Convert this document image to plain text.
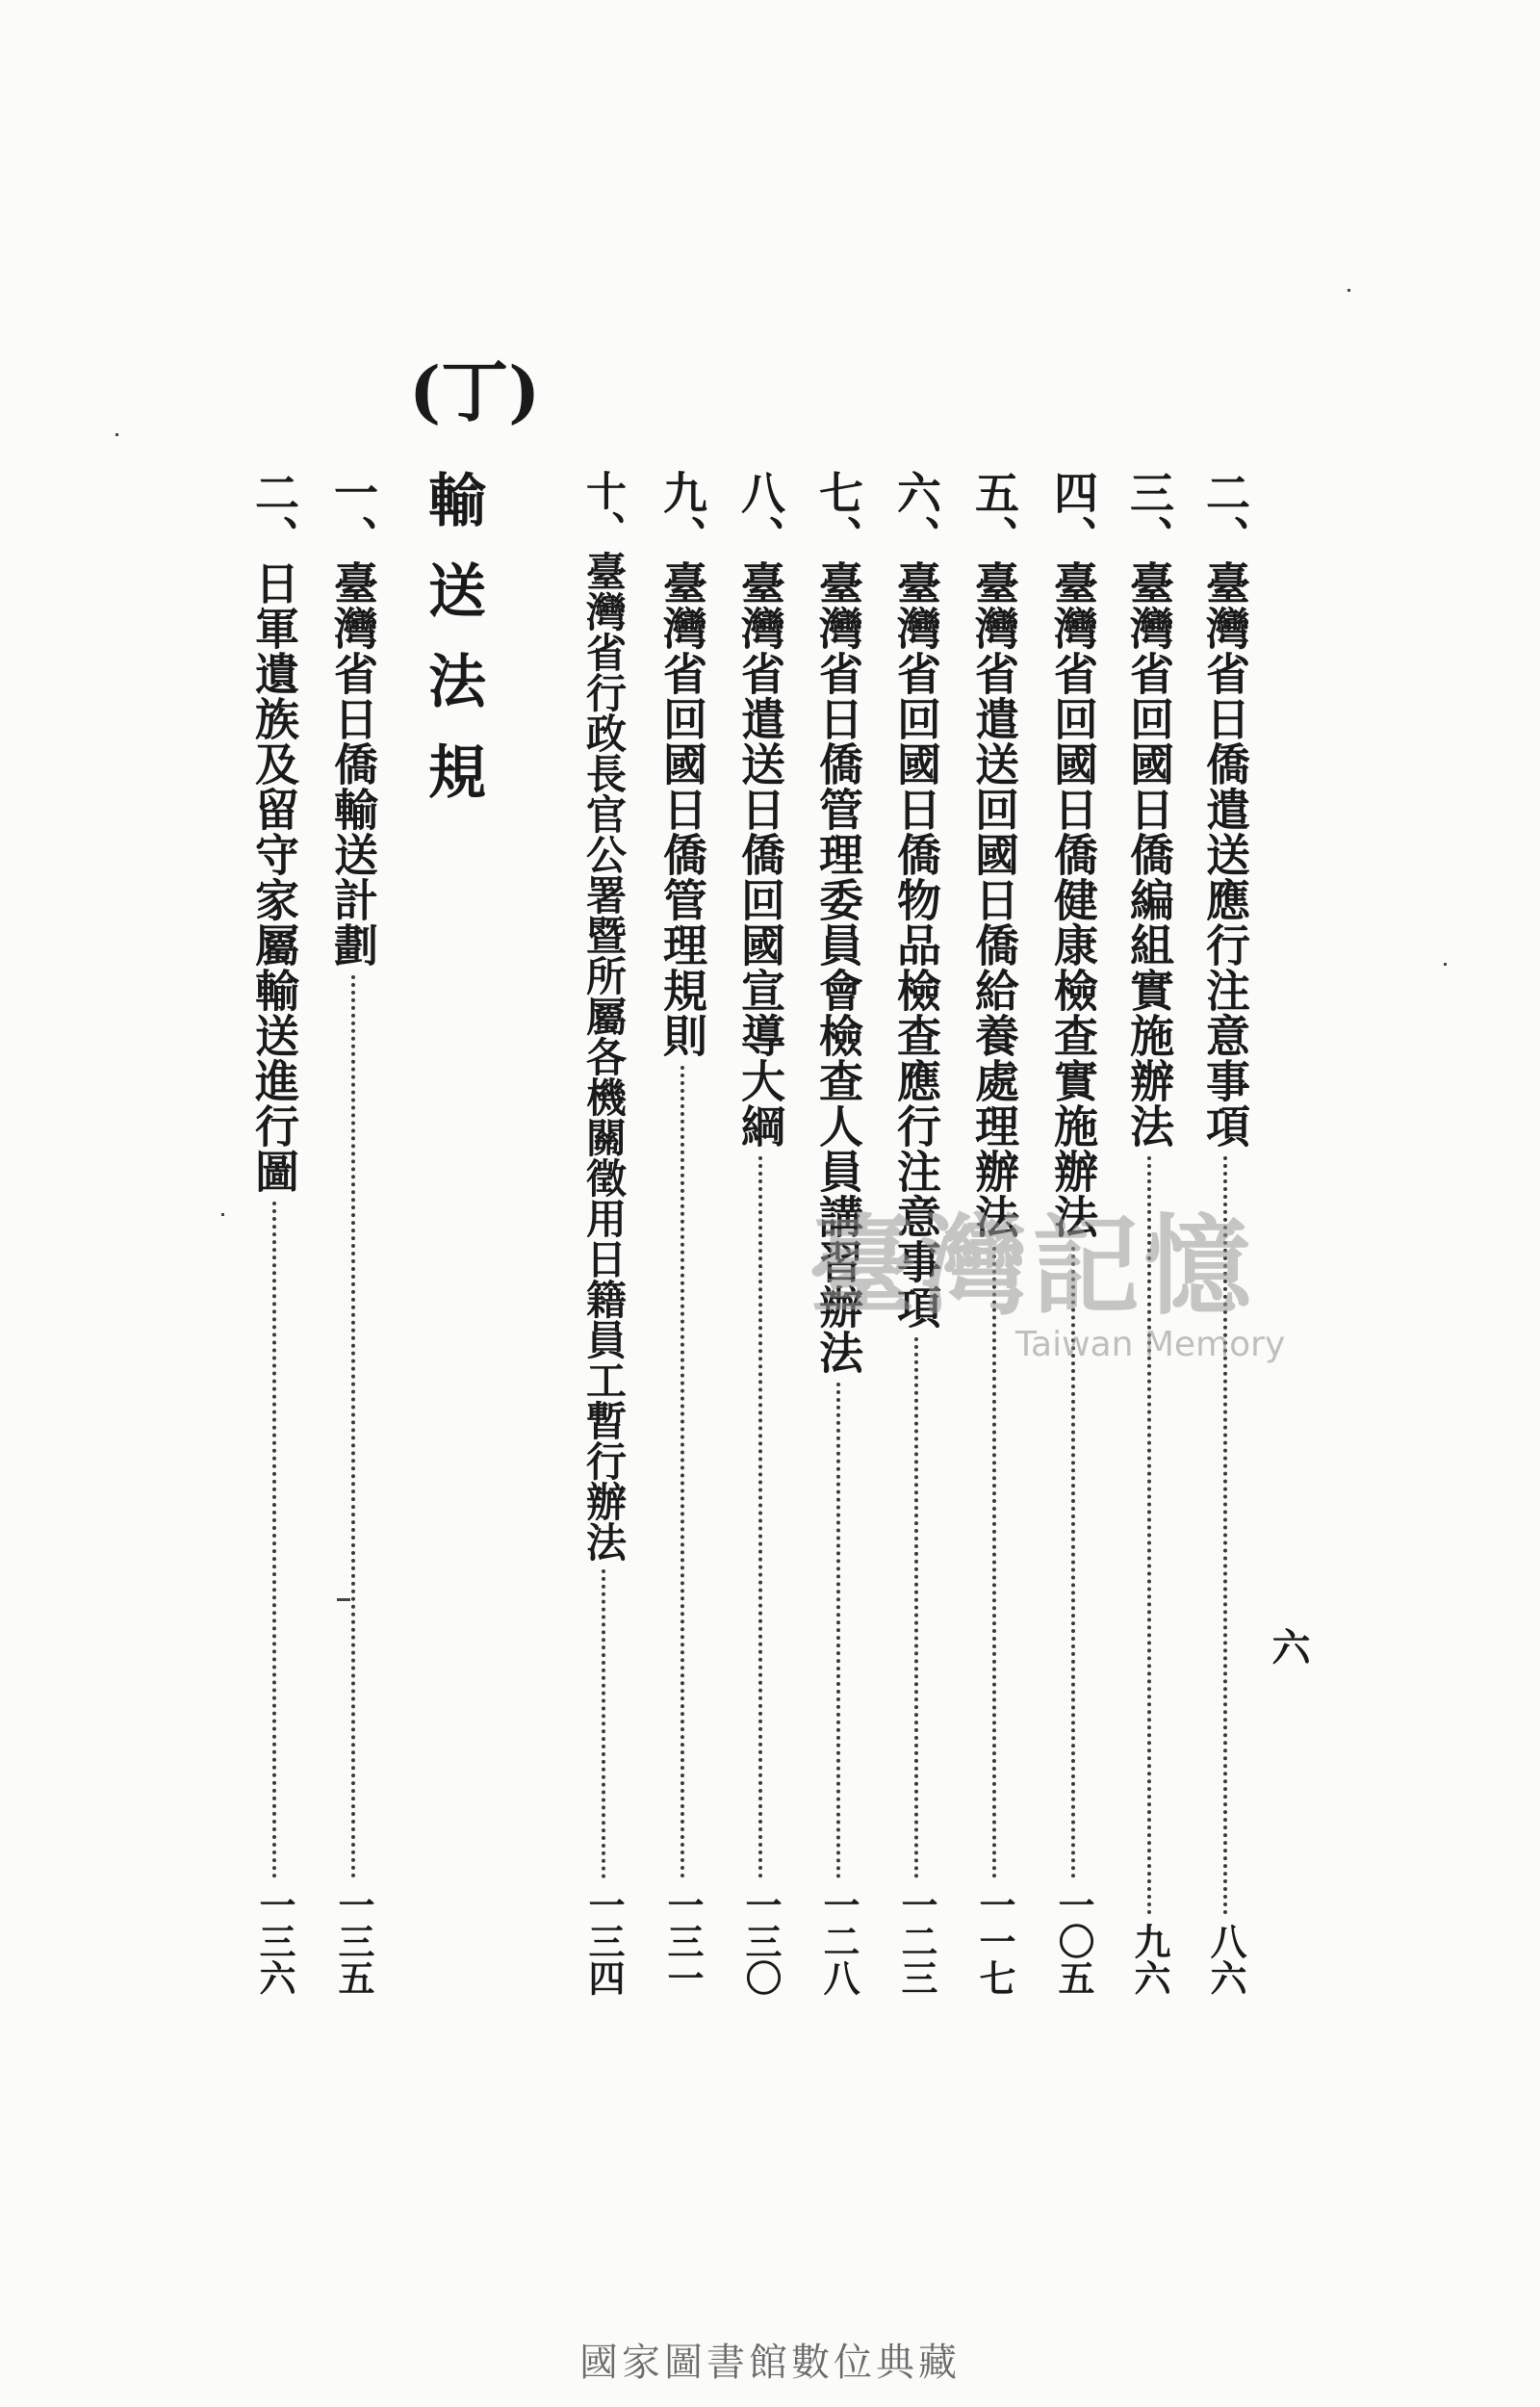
二、臺灣省日僑遣送應行注意事項
八六
三、臺灣省回國日僑編組實施辦法
九六
四、臺灣省回國日僑健康檢查實施辦法
一〇五
五、臺灣省遣送回國日僑給養處理辦法
一一七
六、臺灣省回國日僑物品檢查應行注意事項
一二三
七、臺灣省日僑管理委員會檢查人員講習辦法
一二八
八、臺灣省遣送日僑回國宣導大綱
一三〇
九、臺灣省回國日僑管理規則
一三一
十、臺灣省行政長官公署暨所屬各機關徵用日籍員工暫行辦法
一三四
(丁)
輸送法規
一、臺灣省日僑輸送計劃
一三五
二、日軍遺族及留守家屬輸送進行圖
一三六
六
臺灣記憶
Taiwan Memory
國家圖書館數位典藏
